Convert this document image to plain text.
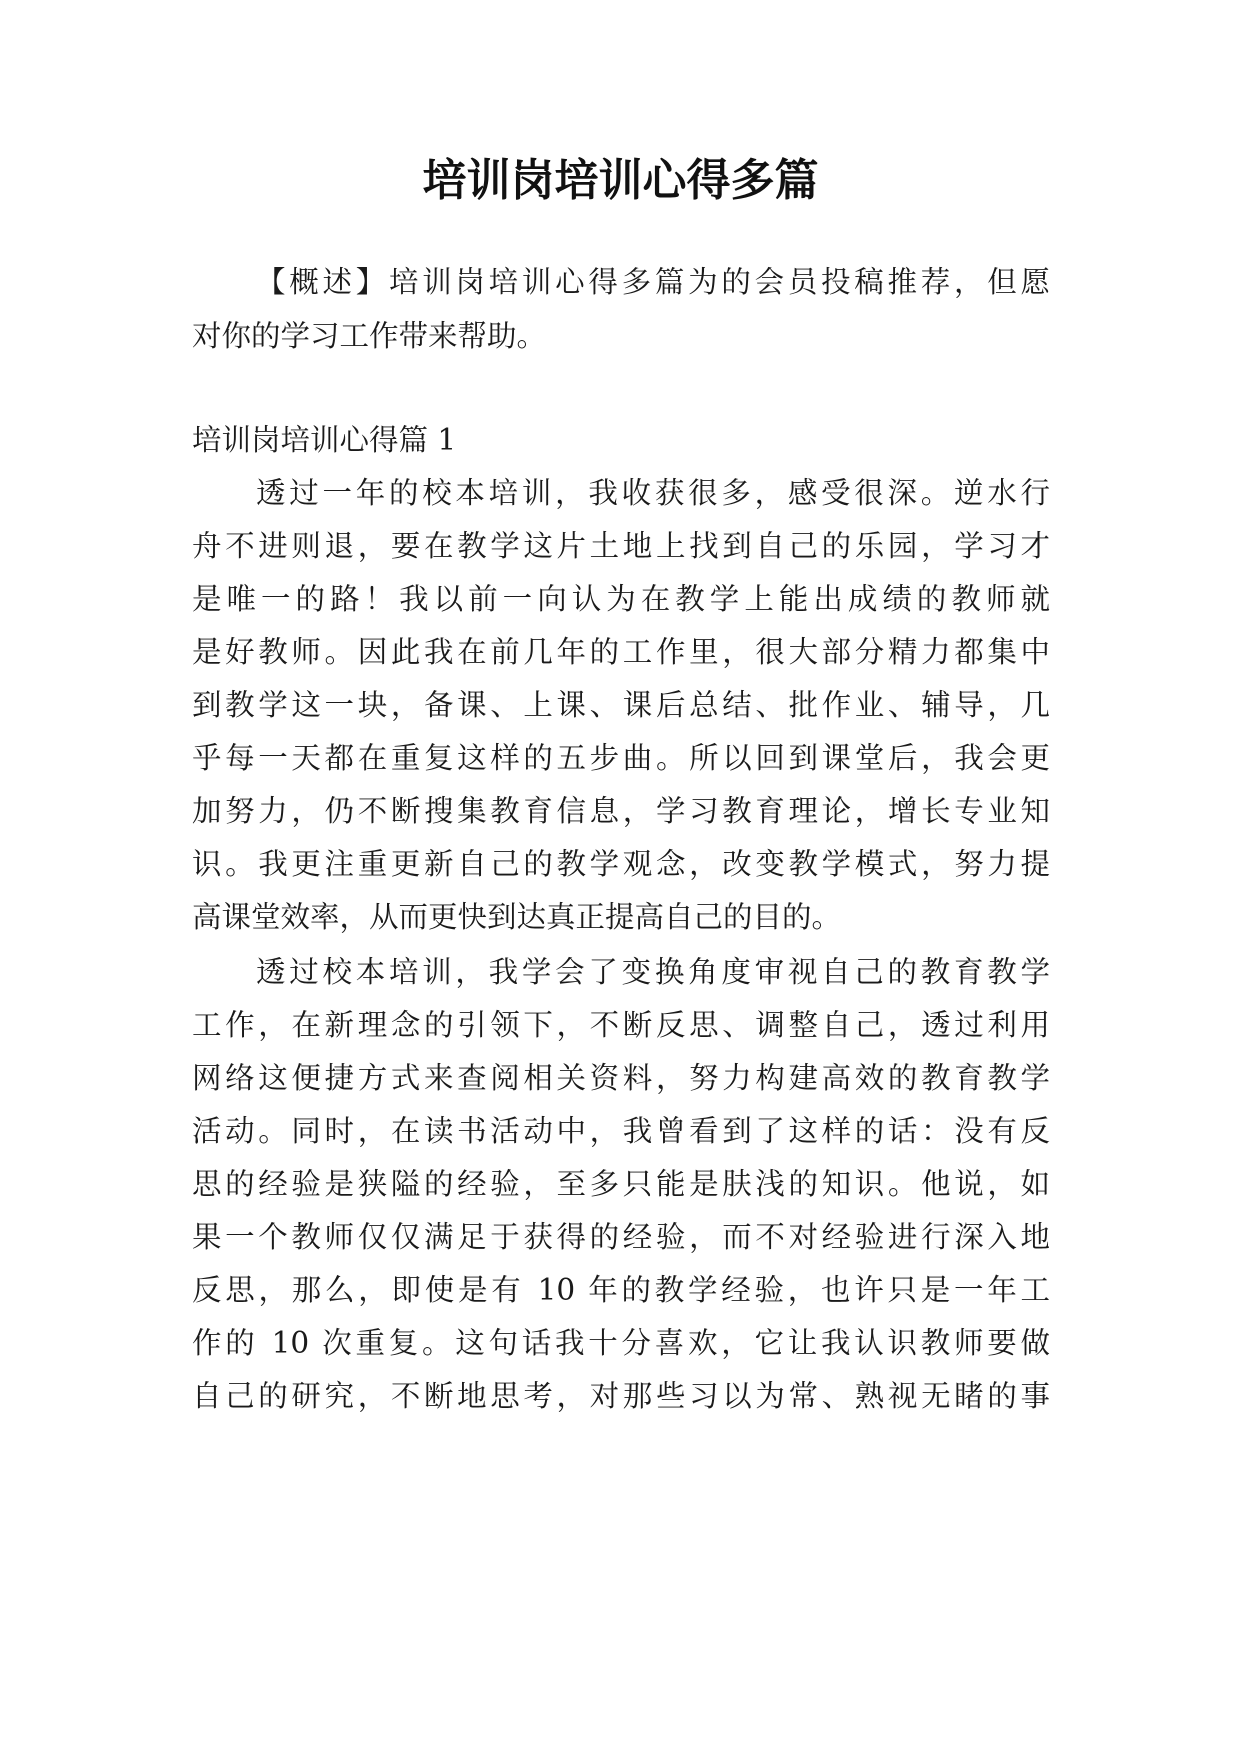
培训岗培训心得多篇
【概述】培训岗培训心得多篇为的会员投稿推荐，但愿
对你的学习工作带来帮助。
培训岗培训心得篇 1
透过一年的校本培训，我收获很多，感受很深。逆水行
舟不进则退，要在教学这片土地上找到自己的乐园，学习才
是唯一的路！我以前一向认为在教学上能出成绩的教师就
是好教师。因此我在前几年的工作里，很大部分精力都集中
到教学这一块，备课、上课、课后总结、批作业、辅导，几
乎每一天都在重复这样的五步曲。所以回到课堂后，我会更
加努力，仍不断搜集教育信息，学习教育理论，增长专业知
识。我更注重更新自己的教学观念，改变教学模式，努力提
高课堂效率，从而更快到达真正提高自己的目的。
透过校本培训，我学会了变换角度审视自己的教育教学
工作，在新理念的引领下，不断反思、调整自己，透过利用
网络这便捷方式来查阅相关资料，努力构建高效的教育教学
活动。同时，在读书活动中，我曾看到了这样的话：没有反
思的经验是狭隘的经验，至多只能是肤浅的知识。他说，如
果一个教师仅仅满足于获得的经验，而不对经验进行深入地
反思，那么，即使是有 10 年的教学经验，也许只是一年工
作的 10 次重复。这句话我十分喜欢，它让我认识教师要做
自己的研究，不断地思考，对那些习以为常、熟视无睹的事
